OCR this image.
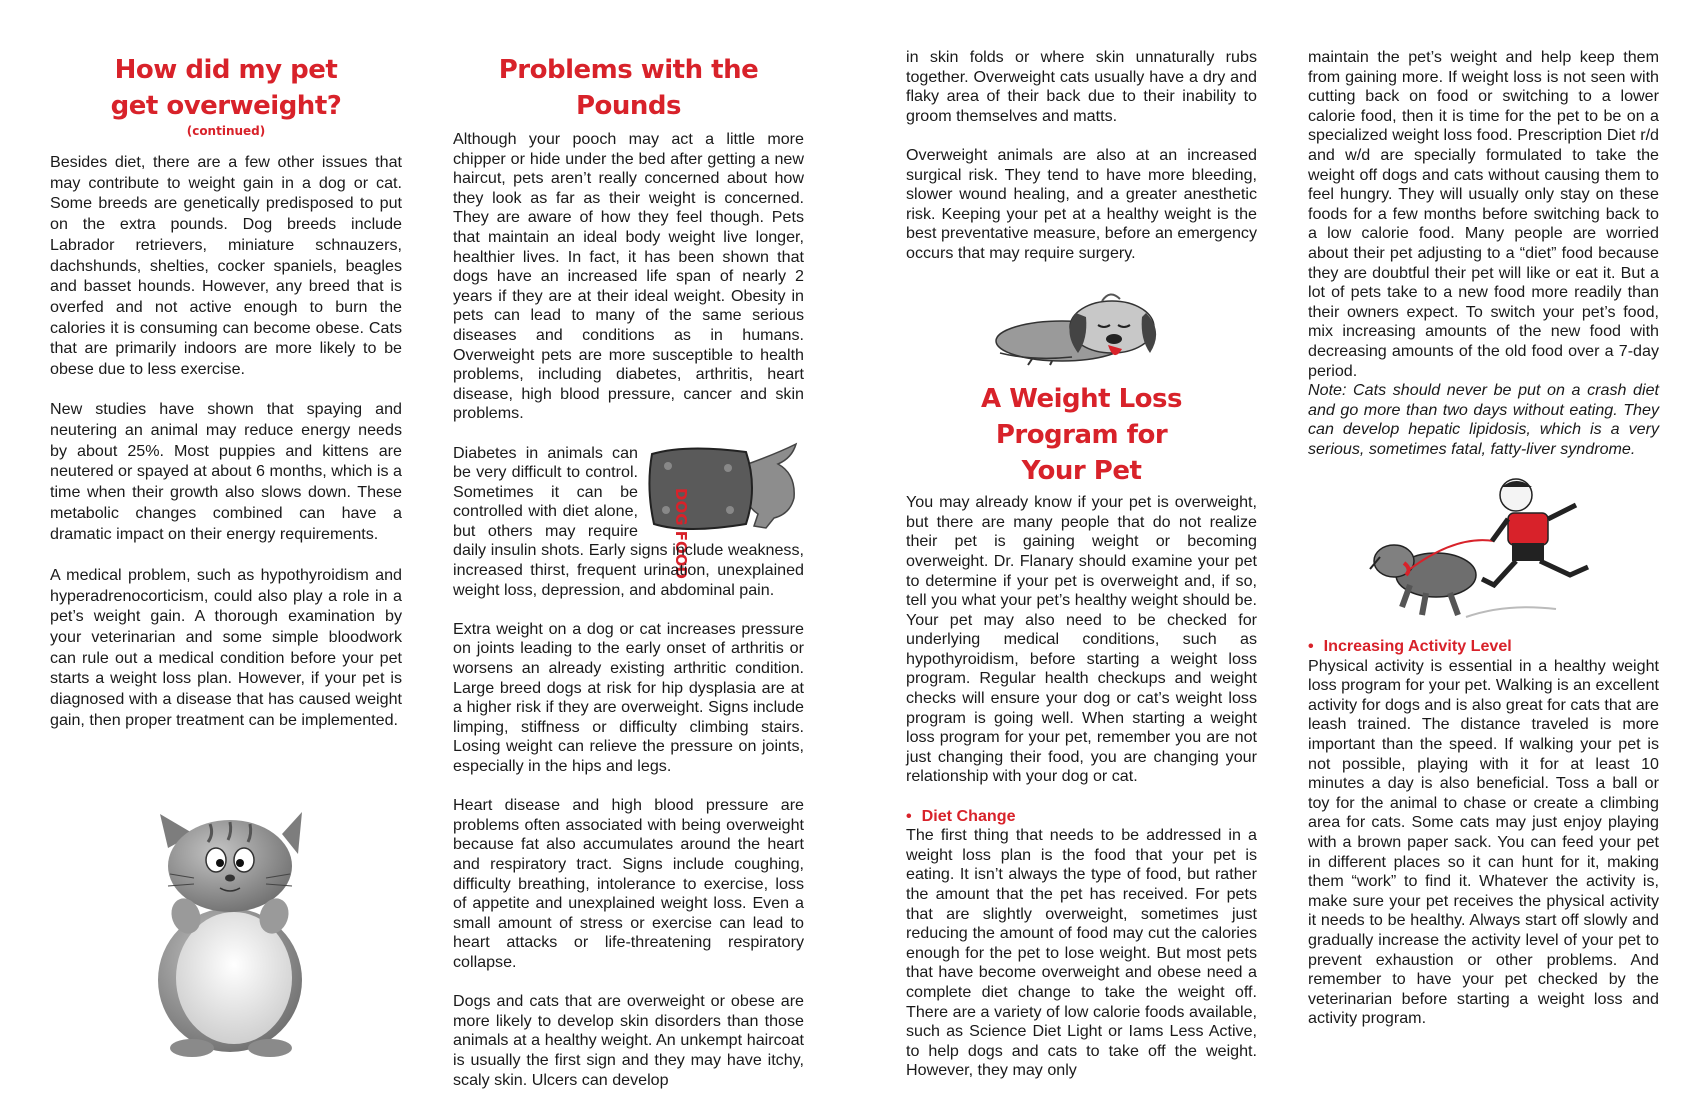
How did my pet get overweight?
(continued)

Besides diet, there are a few other issues that may contribute to weight gain in a dog or cat. Some breeds are genetically predisposed to put on the extra pounds. Dog breeds include Labrador retrievers, miniature schnauzers, dachshunds, shelties, cocker spaniels, beagles and basset hounds. However, any breed that is overfed and not active enough to burn the calories it is consuming can become obese. Cats that are primarily indoors are more likely to be obese due to less exercise.

New studies have shown that spaying and neutering an animal may reduce energy needs by about 25%. Most puppies and kittens are neutered or spayed at about 6 months, which is a time when their growth also slows down. These metabolic changes combined can have a dramatic impact on their energy requirements.

A medical problem, such as hypothyroidism and hyperadrenocorticism, could also play a role in a pet’s weight gain. A thorough examination by your veterinarian and some simple bloodwork can rule out a medical condition before your pet starts a weight loss plan. However, if your pet is diagnosed with a disease that has caused weight gain, then proper treatment can be implemented.

Problems with the Pounds

Although your pooch may act a little more chipper or hide under the bed after getting a new haircut, pets aren’t really concerned about how they look as far as their weight is concerned. They are aware of how they feel though. Pets that maintain an ideal body weight live longer, healthier lives. In fact, it has been shown that dogs have an increased life span of nearly 2 years if they are at their ideal weight. Obesity in pets can lead to many of the same serious diseases and conditions as in humans. Overweight pets are more susceptible to health problems, including diabetes, arthritis, heart disease, high blood pressure, cancer and skin problems.

DOG FOOD
Diabetes in animals can be very difficult to control. Sometimes it can be controlled with diet alone, but others may require daily insulin shots. Early signs include weakness, increased thirst, frequent urination, unexplained weight loss, depression, and abdominal pain.

Extra weight on a dog or cat increases pressure on joints leading to the early onset of arthritis or worsens an already existing arthritic condition. Large breed dogs at risk for hip dysplasia are at a higher risk if they are overweight. Signs include limping, stiffness or difficulty climbing stairs. Losing weight can relieve the pressure on joints, especially in the hips and legs.

Heart disease and high blood pressure are problems often associated with being overweight because fat also accumulates around the heart and respiratory tract. Signs include coughing, difficulty breathing, intolerance to exercise, loss of appetite and unexplained weight loss. Even a small amount of stress or exercise can lead to heart attacks or life-threatening respiratory collapse.

Dogs and cats that are overweight or obese are more likely to develop skin disorders than those animals at a healthy weight. An unkempt haircoat is usually the first sign and they may have itchy, scaly skin. Ulcers can develop

in skin folds or where skin unnaturally rubs together. Overweight cats usually have a dry and flaky area of their back due to their inability to groom themselves and matts.

Overweight animals are also at an increased surgical risk. They tend to have more bleeding, slower wound healing, and a greater anesthetic risk. Keeping your pet at a healthy weight is the best preventative measure, before an emergency occurs that may require surgery.

A Weight Loss Program for Your Pet

You may already know if your pet is overweight, but there are many people that do not realize their pet is gaining weight or becoming overweight. Dr. Flanary should examine your pet to determine if your pet is overweight and, if so, tell you what your pet’s healthy weight should be. Your pet may also need to be checked for underlying medical conditions, such as hypothyroidism, before starting a weight loss program. Regular health checkups and weight checks will ensure your dog or cat’s weight loss program is going well. When starting a weight loss program for your pet, remember you are not just changing their food, you are changing your relationship with your dog or cat.

• Diet Change

The first thing that needs to be addressed in a weight loss plan is the food that your pet is eating. It isn’t always the type of food, but rather the amount that the pet has received. For pets that are slightly overweight, sometimes just reducing the amount of food may cut the calories enough for the pet to lose weight. But most pets that have become overweight and obese need a complete diet change to take the weight off. There are a variety of low calorie foods available, such as Science Diet Light or Iams Less Active, to help dogs and cats to take off the weight. However, they may only

maintain the pet’s weight and help keep them from gaining more. If weight loss is not seen with cutting back on food or switching to a lower calorie food, then it is time for the pet to be on a specialized weight loss food. Prescription Diet r/d and w/d are specially formulated to take the weight off dogs and cats without causing them to feel hungry. They will usually only stay on these foods for a few months before switching back to a low calorie food. Many people are worried about their pet adjusting to a “diet” food because they are doubtful their pet will like or eat it. But a lot of pets take to a new food more readily than their owners expect. To switch your pet’s food, mix increasing amounts of the new food with decreasing amounts of the old food over a 7-day period.

Note: Cats should never be put on a crash diet and go more than two days without eating. They can develop hepatic lipidosis, which is a very serious, sometimes fatal, fatty-liver syndrome.

• Increasing Activity Level

Physical activity is essential in a healthy weight loss program for your pet. Walking is an excellent activity for dogs and is also great for cats that are leash trained. The distance traveled is more important than the speed. If walking your pet is not possible, playing with it for at least 10 minutes a day is also beneficial. Toss a ball or toy for the animal to chase or create a climbing area for cats. Some cats may just enjoy playing with a brown paper sack. You can feed your pet in different places so it can hunt for it, making them “work” to find it. Whatever the activity is, make sure your pet receives the physical activity it needs to be healthy. Always start off slowly and gradually increase the activity level of your pet to prevent exhaustion or other problems. And remember to have your pet checked by the veterinarian before starting a weight loss and activity program.
